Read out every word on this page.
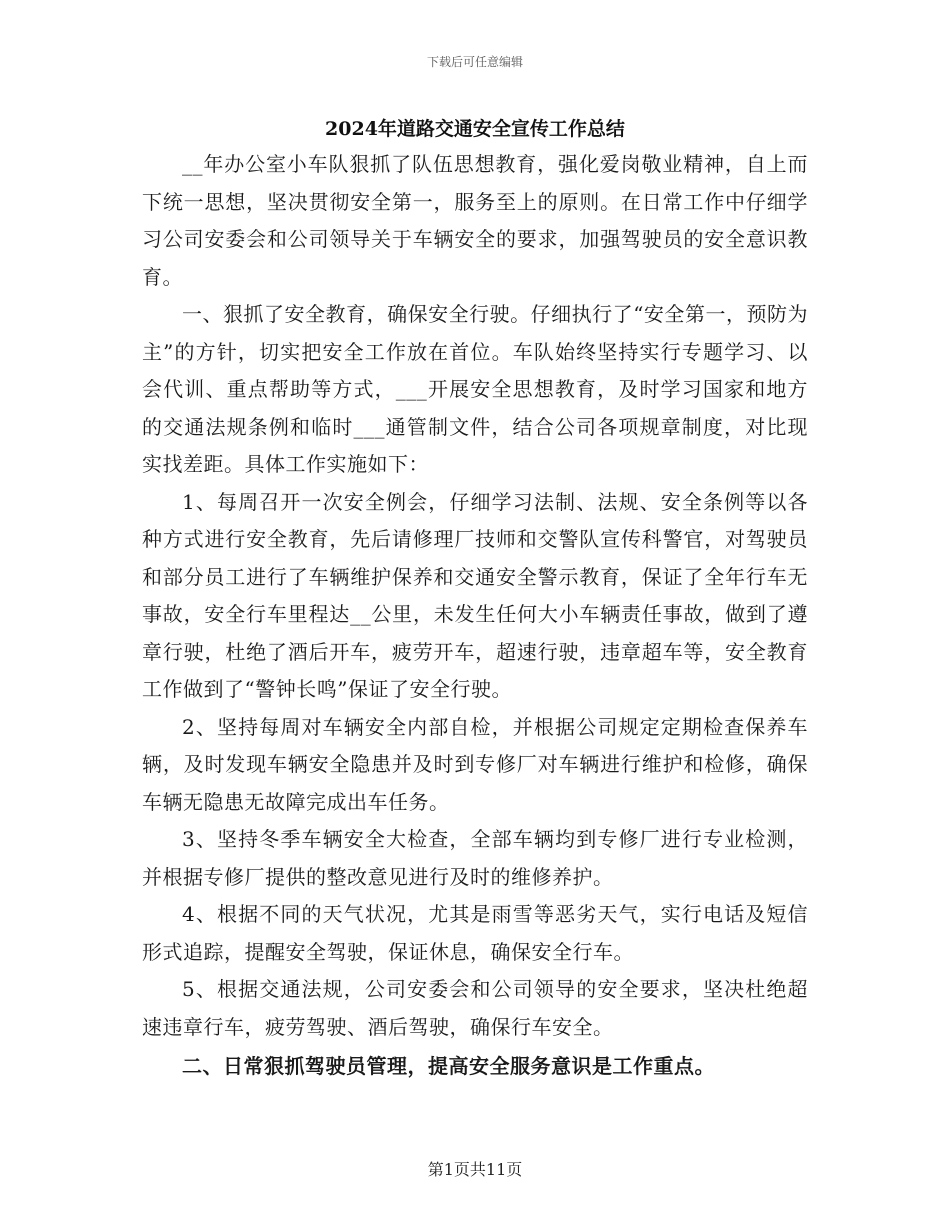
下载后可任意编辑
2024年道路交通安全宣传工作总结

__年办公室小车队狠抓了队伍思想教育，强化爱岗敬业精神，自上而下统一思想，坚决贯彻安全第一，服务至上的原则。在日常工作中仔细学习公司安委会和公司领导关于车辆安全的要求，加强驾驶员的安全意识教育。

一、狠抓了安全教育，确保安全行驶。仔细执行了“安全第一，预防为主”的方针，切实把安全工作放在首位。车队始终坚持实行专题学习、以会代训、重点帮助等方式，___开展安全思想教育，及时学习国家和地方的交通法规条例和临时___通管制文件，结合公司各项规章制度，对比现实找差距。具体工作实施如下：

1、每周召开一次安全例会，仔细学习法制、法规、安全条例等以各种方式进行安全教育，先后请修理厂技师和交警队宣传科警官，对驾驶员和部分员工进行了车辆维护保养和交通安全警示教育，保证了全年行车无事故，安全行车里程达__公里，未发生任何大小车辆责任事故，做到了遵章行驶，杜绝了酒后开车，疲劳开车，超速行驶，违章超车等，安全教育工作做到了“警钟长鸣”保证了安全行驶。

2、坚持每周对车辆安全内部自检，并根据公司规定定期检查保养车辆，及时发现车辆安全隐患并及时到专修厂对车辆进行维护和检修，确保车辆无隐患无故障完成出车任务。

3、坚持冬季车辆安全大检查，全部车辆均到专修厂进行专业检测，并根据专修厂提供的整改意见进行及时的维修养护。

4、根据不同的天气状况，尤其是雨雪等恶劣天气，实行电话及短信形式追踪，提醒安全驾驶，保证休息，确保安全行车。

5、根据交通法规，公司安委会和公司领导的安全要求，坚决杜绝超速违章行车，疲劳驾驶、酒后驾驶，确保行车安全。

二、日常狠抓驾驶员管理，提高安全服务意识是工作重点。

第1页共11页
